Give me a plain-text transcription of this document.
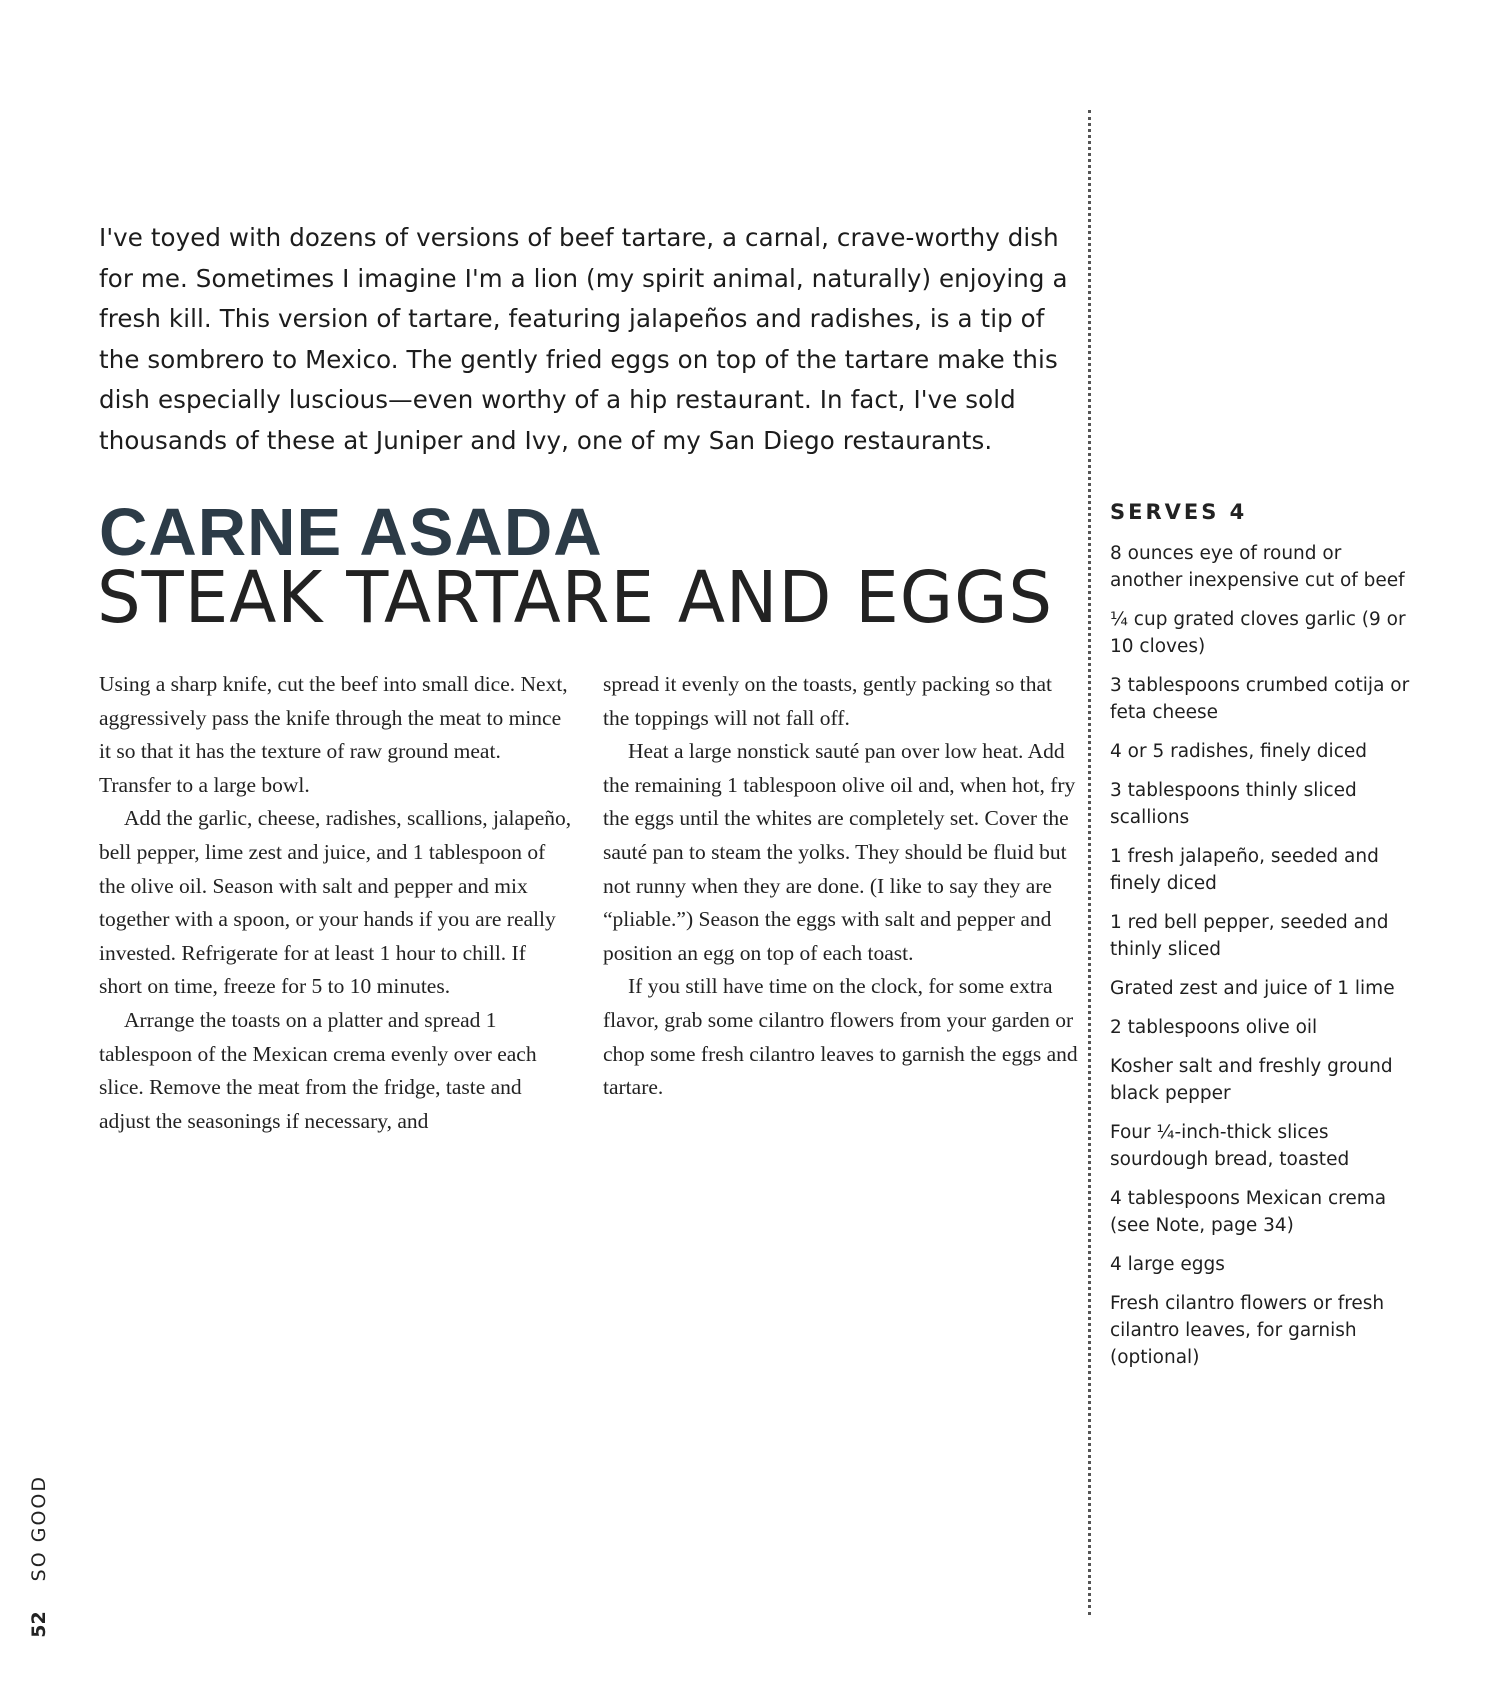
I've toyed with dozens of versions of beef tartare, a carnal, crave-worthy dish for me. Sometimes I imagine I'm a lion (my spirit animal, naturally) enjoying a fresh kill. This version of tartare, featuring jalapeños and radishes, is a tip of the sombrero to Mexico. The gently fried eggs on top of the tartare make this dish especially luscious—even worthy of a hip restaurant. In fact, I've sold thousands of these at Juniper and Ivy, one of my San Diego restaurants.
CARNE ASADA
STEAK TARTARE AND EGGS

Using a sharp knife, cut the beef into small dice. Next, aggressively pass the knife through the meat to mince it so that it has the texture of raw ground meat. Transfer to a large bowl.

Add the garlic, cheese, radishes, scallions, jalapeño, bell pepper, lime zest and juice, and 1 tablespoon of the olive oil. Season with salt and pepper and mix together with a spoon, or your hands if you are really invested. Refrigerate for at least 1 hour to chill. If short on time, freeze for 5 to 10 minutes.

Arrange the toasts on a platter and spread 1 tablespoon of the Mexican crema evenly over each slice. Remove the meat from the fridge, taste and adjust the seasonings if necessary, and

spread it evenly on the toasts, gently packing so that the toppings will not fall off.

Heat a large nonstick sauté pan over low heat. Add the remaining 1 tablespoon olive oil and, when hot, fry the eggs until the whites are completely set. Cover the sauté pan to steam the yolks. They should be fluid but not runny when they are done. (I like to say they are “pliable.”) Season the eggs with salt and pepper and position an egg on top of each toast.

If you still have time on the clock, for some extra flavor, grab some cilantro flowers from your garden or chop some fresh cilantro leaves to garnish the eggs and tartare.

SERVES 4
8 ounces eye of round or another inexpensive cut of beef
¼ cup grated cloves garlic (9 or 10 cloves)
3 tablespoons crumbed cotija or feta cheese
4 or 5 radishes, finely diced
3 tablespoons thinly sliced scallions
1 fresh jalapeño, seeded and finely diced
1 red bell pepper, seeded and thinly sliced
Grated zest and juice of 1 lime
2 tablespoons olive oil
Kosher salt and freshly ground black pepper
Four ¼-inch-thick slices sourdough bread, toasted
4 tablespoons Mexican crema (see Note, page 34)
4 large eggs
Fresh cilantro flowers or fresh cilantro leaves, for garnish (optional)
52SO GOOD
